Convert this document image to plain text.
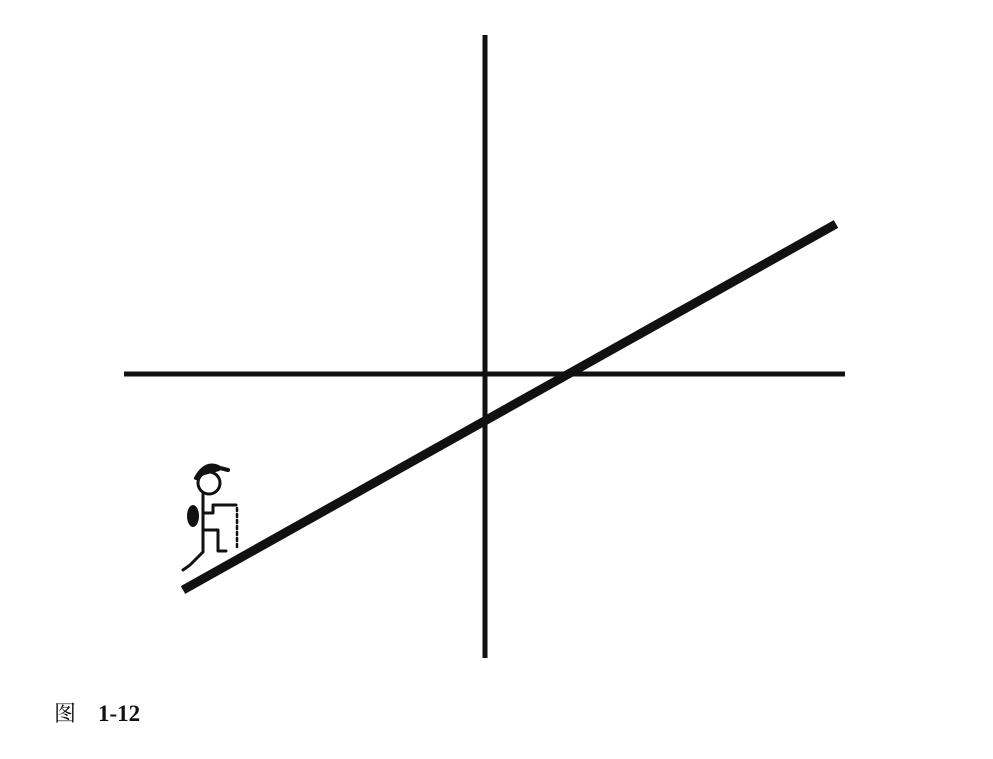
图 1-12
